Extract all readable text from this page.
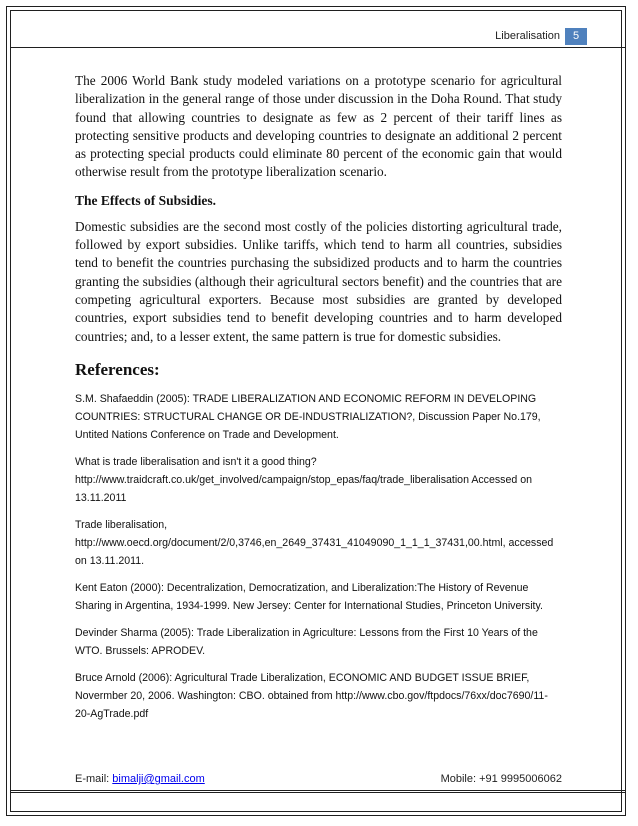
Liberalisation	5

The 2006 World Bank study modeled variations on a prototype scenario for agricultural liberalization in the general range of those under discussion in the Doha Round. That study found that allowing countries to designate as few as 2 percent of their tariff lines as protecting sensitive products and developing countries to designate an additional 2 percent as protecting special products could eliminate 80 percent of the economic gain that would otherwise result from the prototype liberalization scenario.

The Effects of Subsidies.

Domestic subsidies are the second most costly of the policies distorting agricultural trade, followed by export subsidies. Unlike tariffs, which tend to harm all countries, subsidies tend to benefit the countries purchasing the subsidized products and to harm the countries granting the subsidies (although their agricultural sectors benefit) and the countries that are competing agricultural exporters. Because most subsidies are granted by developed countries, export subsidies tend to benefit developing countries and to harm developed countries; and, to a lesser extent, the same pattern is true for domestic subsidies.

References:

S.M. Shafaeddin (2005): TRADE LIBERALIZATION AND ECONOMIC REFORM IN DEVELOPING COUNTRIES: STRUCTURAL CHANGE OR DE-INDUSTRIALIZATION?, Discussion Paper No.179, Untited Nations Conference on Trade and Development.

What is trade liberalisation and isn't it a good thing? http://www.traidcraft.co.uk/get_involved/campaign/stop_epas/faq/trade_liberalisation Accessed on 13.11.2011

Trade liberalisation, http://www.oecd.org/document/2/0,3746,en_2649_37431_41049090_1_1_1_37431,00.html, accessed on 13.11.2011.

Kent Eaton (2000): Decentralization, Democratization, and Liberalization:The History of Revenue Sharing in Argentina, 1934-1999. New Jersey: Center for International Studies, Princeton University.

Devinder Sharma (2005): Trade Liberalization in Agriculture: Lessons from the First 10 Years of the WTO. Brussels: APRODEV.

Bruce Arnold (2006): Agricultural Trade Liberalization, ECONOMIC AND BUDGET ISSUE BRIEF, Novermber 20, 2006. Washington: CBO. obtained from http://www.cbo.gov/ftpdocs/76xx/doc7690/11-20-AgTrade.pdf

E-mail: bimalji@gmail.com	Mobile: +91 9995006062
